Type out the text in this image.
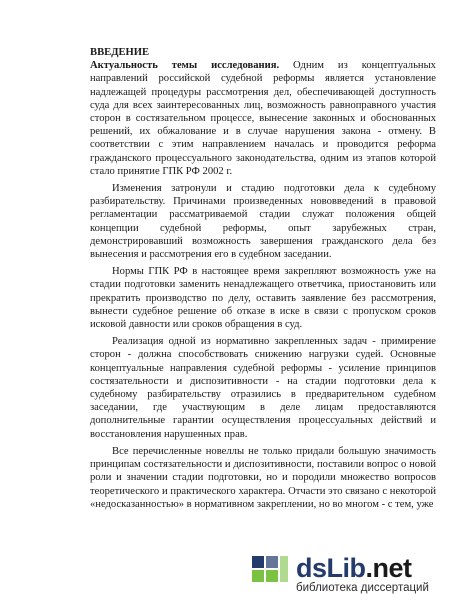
ВВЕДЕНИЕ

Актуальность темы исследования. Одним из концептуальных направлений российской судебной реформы является установление надлежащей процедуры рассмотрения дел, обеспечивающей доступность суда для всех заинтересованных лиц, возможность равноправного участия сторон в состязательном процессе, вынесение законных и обоснованных решений, их обжалование и в случае нарушения закона - отмену. В соответствии с этим направлением началась и проводится реформа гражданского процессуального законодательства, одним из этапов которой стало принятие ГПК РФ 2002 г.

Изменения затронули и стадию подготовки дела к судебному разбирательству. Причинами произведенных нововведений в правовой регламентации рассматриваемой стадии служат положения общей концепции судебной реформы, опыт зарубежных стран, демонстрировавший возможность завершения гражданского дела без вынесения и рассмотрения его в судебном заседании.

Нормы ГПК РФ в настоящее время закрепляют возможность уже на стадии подготовки заменить ненадлежащего ответчика, приостановить или прекратить производство по делу, оставить заявление без рассмотрения, вынести судебное решение об отказе в иске в связи с пропуском сроков исковой давности или сроков обращения в суд.

Реализация одной из нормативно закрепленных задач - примирение сторон - должна способствовать снижению нагрузки судей. Основные концептуальные направления судебной реформы - усиление принципов состязательности и диспозитивности - на стадии подготовки дела к судебному разбирательству отразились в предварительном судебном заседании, где участвующим в деле лицам предоставляются дополнительные гарантии осуществления процессуальных действий и восстановления нарушенных прав.

Все перечисленные новеллы не только придали большую значимость принципам состязательности и диспозитивности, поставили вопрос о новой роли и значении стадии подготовки, но и породили множество вопросов теоретического и практического характера. Отчасти это связано с некоторой «недосказанностью» в нормативном закреплении, но во многом - с тем, уже

dsLib.net
библиотека диссертаций
